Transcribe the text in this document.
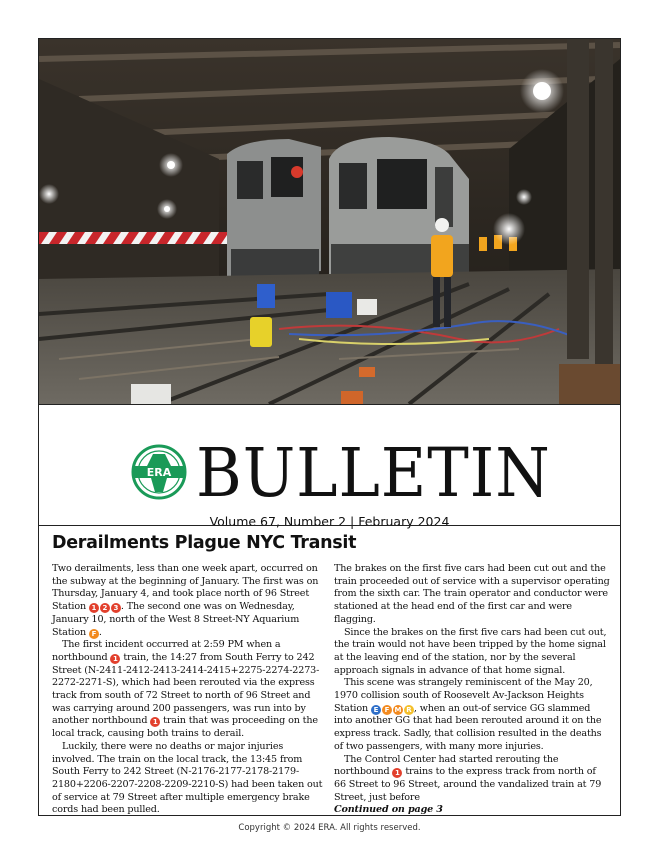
ERA BULLETIN
Volume 67, Number 2 | February 2024
Derailments Plague NYC Transit

Two derailments, less than one week apart, occurred on the subway at the beginning of January. The first was on Thursday, January 4, and took place north of 96 Street Station 1 2 3 . The second one was on Wednesday, January 10, north of the West 8 Street-NY Aquarium Station F .

The first incident occurred at 2:59 PM when a northbound 1 train, the 14:27 from South Ferry to 242 Street (N-2411-2412-2413-2414-2415+2275-2274-2273-2272-2271-S), which had been rerouted via the express track from south of 72 Street to north of 96 Street and was carrying around 200 passengers, was run into by another northbound 1 train that was proceeding on the local track, causing both trains to derail.

Luckily, there were no deaths or major injuries involved. The train on the local track, the 13:45 from South Ferry to 242 Street (N-2176-2177-2178-2179-2180+2206-2207-2208-2209-2210-S) had been taken out of service at 79 Street after multiple emergency brake cords had been pulled.

The brakes on the first five cars had been cut out and the train proceeded out of service with a supervisor operating from the sixth car. The train operator and conductor were stationed at the head end of the first car and were flagging.

Since the brakes on the first five cars had been cut out, the train would not have been tripped by the home signal at the leaving end of the station, nor by the several approach signals in advance of that home signal.

This scene was strangely reminiscent of the May 20, 1970 collision south of Roosevelt Av-Jackson Heights Station E F M R , when an out-of service GG slammed into another GG that had been rerouted around it on the express track. Sadly, that collision resulted in the deaths of two passengers, with many more injuries.

The Control Center had started rerouting the northbound 1 trains to the express track from north of 66 Street to 96 Street, around the vandalized train at 79 Street, just before

Continued on page 3

Copyright © 2024 ERA. All rights reserved.
